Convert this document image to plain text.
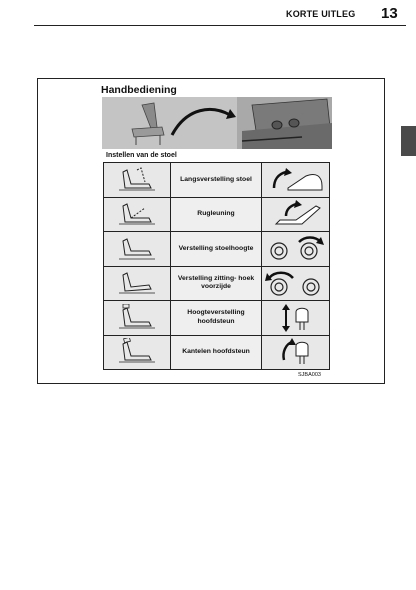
KORTE UITLEG 13
Handbediening
Instellen van de stoel
Langsverstelling stoel
Rugleuning
Verstelling stoelhoogte
Verstelling zitting- hoek voorzijde
Hoogteverstelling hoofdsteun
Kantelen hoofdsteun
SJBA003
